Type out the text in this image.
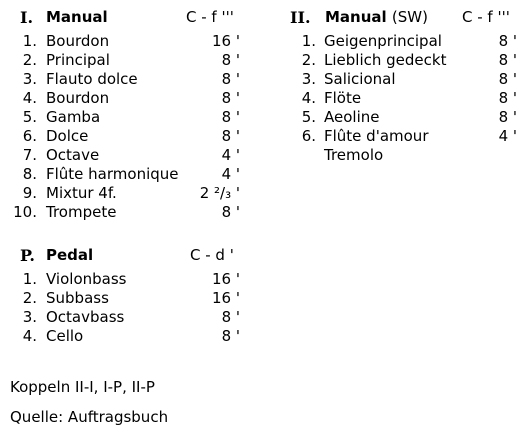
I. Manual	C - f '''
1. Bourdon	16 '
2. Principal	8 '
3. Flauto dolce	8 '
4. Bourdon	8 '
5. Gamba	8 '
6. Dolce	8 '
7. Octave	4 '
8. Flûte harmonique	4 '
9. Mixtur 4f.	2 ²/₃ '
10. Trompete	8 '
II. Manual (SW) C - f '''
1. Geigenprincipal	8 '
2. Lieblich gedeckt	8 '
3. Salicional	8 '
4. Flöte	8 '
5. Aeoline	8 '
6. Flûte d'amour	4 '
Tremolo
P. Pedal	C - d '
1. Violonbass	16 '
2. Subbass	16 '
3. Octavbass	8 '
4. Cello	8 '
Koppeln II-I, I-P, II-P
Quelle: Auftragsbuch
